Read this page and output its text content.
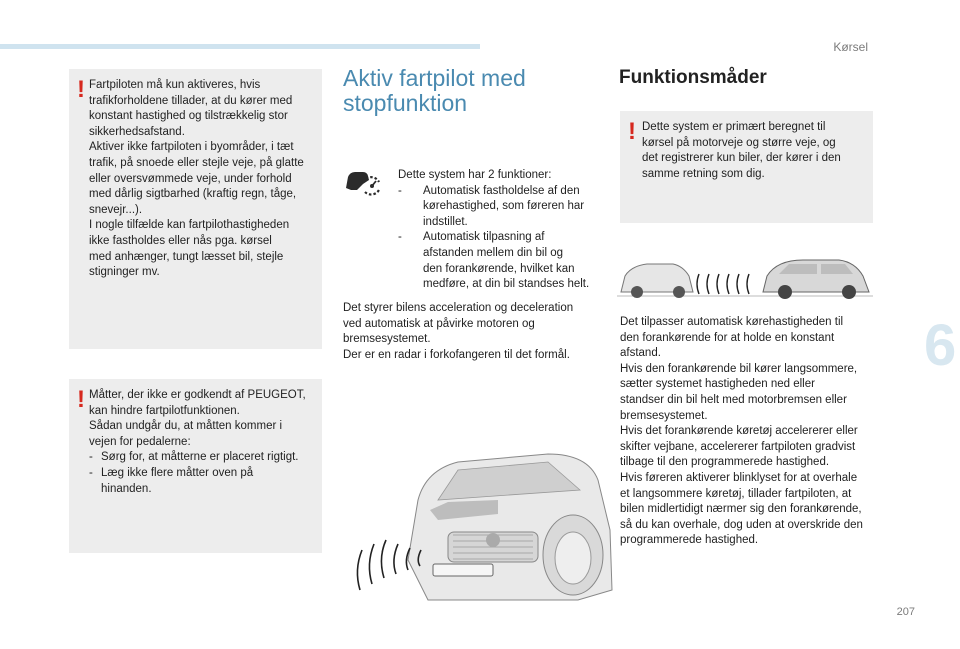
Kørsel
6
207
! Fartpiloten må kun aktiveres, hvis

trafikforholdene tillader, at du kører med

konstant hastighed og tilstrækkelig stor

sikkerhedsafstand.

Aktiver ikke fartpiloten i byområder, i tæt

trafik, på snoede eller stejle veje, på glatte

eller oversvømmede veje, under forhold

med dårlig sigtbarhed (kraftig regn, tåge,

snevejr...).

I nogle tilfælde kan fartpilothastigheden

ikke fastholdes eller nås pga. kørsel

med anhænger, tungt læsset bil, stejle

stigninger mv.

! Måtter, der ikke er godkendt af PEUGEOT,

kan hindre fartpilotfunktionen.

Sådan undgår du, at måtten kommer i

vejen for pedalerne:

- Sørg for, at måtterne er placeret rigtigt.

- Læg ikke flere måtter oven på

hinanden.

Aktiv fartpilot med
stopfunktion

Dette system har 2 funktioner:

- Automatisk fastholdelse af den

kørehastighed, som føreren har

indstillet.

- Automatisk tilpasning af

afstanden mellem din bil og

den forankørende, hvilket kan

medføre, at din bil standses helt.

Det styrer bilens acceleration og deceleration

ved automatisk at påvirke motoren og

bremsesystemet.

Der er en radar i forkofangeren til det formål.

Funktionsmåder
! Dette system er primært beregnet til

kørsel på motorveje og større veje, og

det registrerer kun biler, der kører i den

samme retning som dig.

Det tilpasser automatisk kørehastigheden til

den forankørende for at holde en konstant

afstand.

Hvis den forankørende bil kører langsommere,

sætter systemet hastigheden ned eller

standser din bil helt med motorbremsen eller

bremsesystemet.

Hvis det forankørende køretøj accelererer eller

skifter vejbane, accelererer fartpiloten gradvist

tilbage til den programmerede hastighed.

Hvis føreren aktiverer blinklyset for at overhale

et langsommere køretøj, tillader fartpiloten, at

bilen midlertidigt nærmer sig den forankørende,

så du kan overhale, dog uden at overskride den

programmerede hastighed.
